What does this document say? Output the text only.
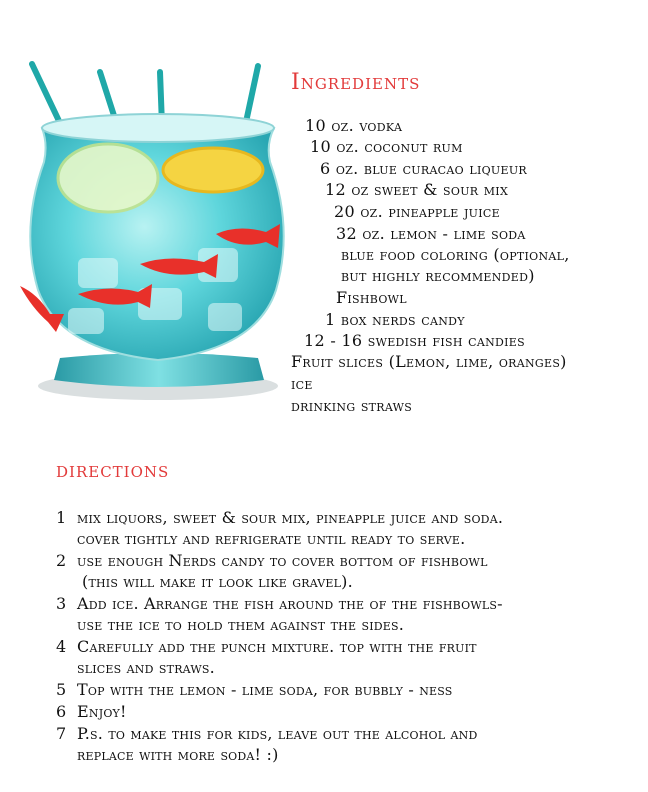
Ingredients
10 oz. vodka
10 oz. coconut rum
6 oz. blue curacao liqueur
12 oz sweet & sour mix
20 oz. pineapple juice
32 oz. lemon - lime soda
blue food coloring (optional,
but highly recommended)
Fishbowl
1 box nerds candy
12 - 16 swedish fish candies
Fruit slices (Lemon, lime, oranges)
ice
drinking straws
directions
1 mix liquors, sweet & sour mix, pineapple juice and soda.
cover tightly and refrigerate until ready to serve.
2 use enough Nerds candy to cover bottom of fishbowl
(this will make it look like gravel).
3 Add ice. Arrange the fish around the of the fishbowls-
use the ice to hold them against the sides.
4 Carefully add the punch mixture. top with the fruit
slices and straws.
5 Top with the lemon - lime soda, for bubbly - ness
6 Enjoy!
7 P.s. to make this for kids, leave out the alcohol and
replace with more soda! :)
